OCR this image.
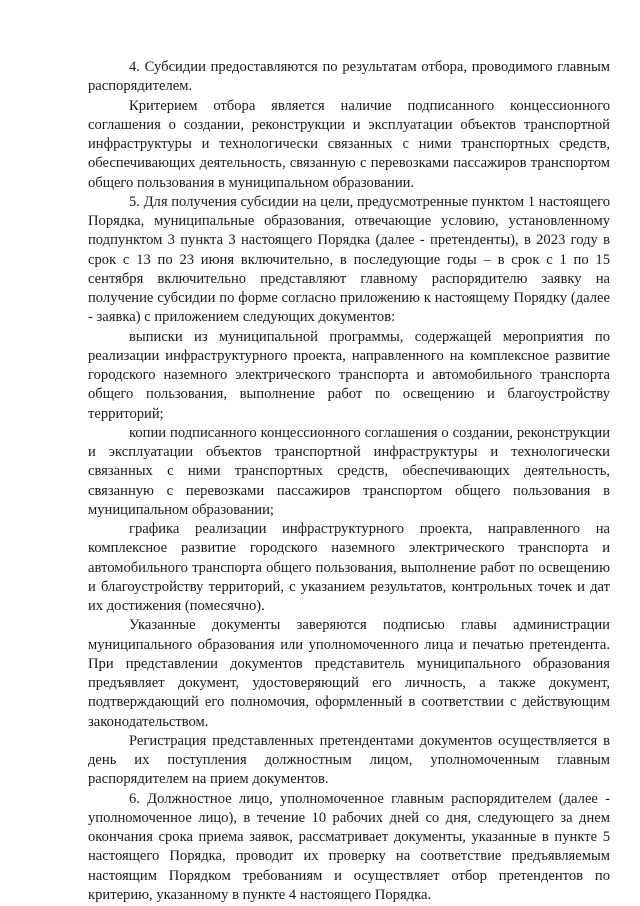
4. Субсидии предоставляются по результатам отбора, проводимого главным распорядителем.

Критерием отбора является наличие подписанного концессионного соглашения о создании, реконструкции и эксплуатации объектов транспортной инфраструктуры и технологически связанных с ними транспортных средств, обеспечивающих деятельность, связанную с перевозками пассажиров транспортом общего пользования в муниципальном образовании.

5. Для получения субсидии на цели, предусмотренные пунктом 1 настоящего Порядка, муниципальные образования, отвечающие условию, установленному подпунктом 3 пункта 3 настоящего Порядка (далее - претенденты), в 2023 году в срок с 13 по 23 июня включительно, в последующие годы – в срок с 1 по 15 сентября включительно представляют главному распорядителю заявку на получение субсидии по форме согласно приложению к настоящему Порядку (далее - заявка) с приложением следующих документов:

выписки из муниципальной программы, содержащей мероприятия по реализации инфраструктурного проекта, направленного на комплексное развитие городского наземного электрического транспорта и автомобильного транспорта общего пользования, выполнение работ по освещению и благоустройству территорий;

копии подписанного концессионного соглашения о создании, реконструкции и эксплуатации объектов транспортной инфраструктуры и технологически связанных с ними транспортных средств, обеспечивающих деятельность, связанную с перевозками пассажиров транспортом общего пользования в муниципальном образовании;

графика реализации инфраструктурного проекта, направленного на комплексное развитие городского наземного электрического транспорта и автомобильного транспорта общего пользования, выполнение работ по освещению и благоустройству территорий, с указанием результатов, контрольных точек и дат их достижения (помесячно).

Указанные документы заверяются подписью главы администрации муниципального образования или уполномоченного лица и печатью претендента. При представлении документов представитель муниципального образования предъявляет документ, удостоверяющий его личность, а также документ, подтверждающий его полномочия, оформленный в соответствии с действующим законодательством.

Регистрация представленных претендентами документов осуществляется в день их поступления должностным лицом, уполномоченным главным распорядителем на прием документов.

6. Должностное лицо, уполномоченное главным распорядителем (далее - уполномоченное лицо), в течение 10 рабочих дней со дня, следующего за днем окончания срока приема заявок, рассматривает документы, указанные в пункте 5 настоящего Порядка, проводит их проверку на соответствие предъявляемым настоящим Порядком требованиям и осуществляет отбор претендентов по критерию, указанному в пункте 4 настоящего Порядка.
